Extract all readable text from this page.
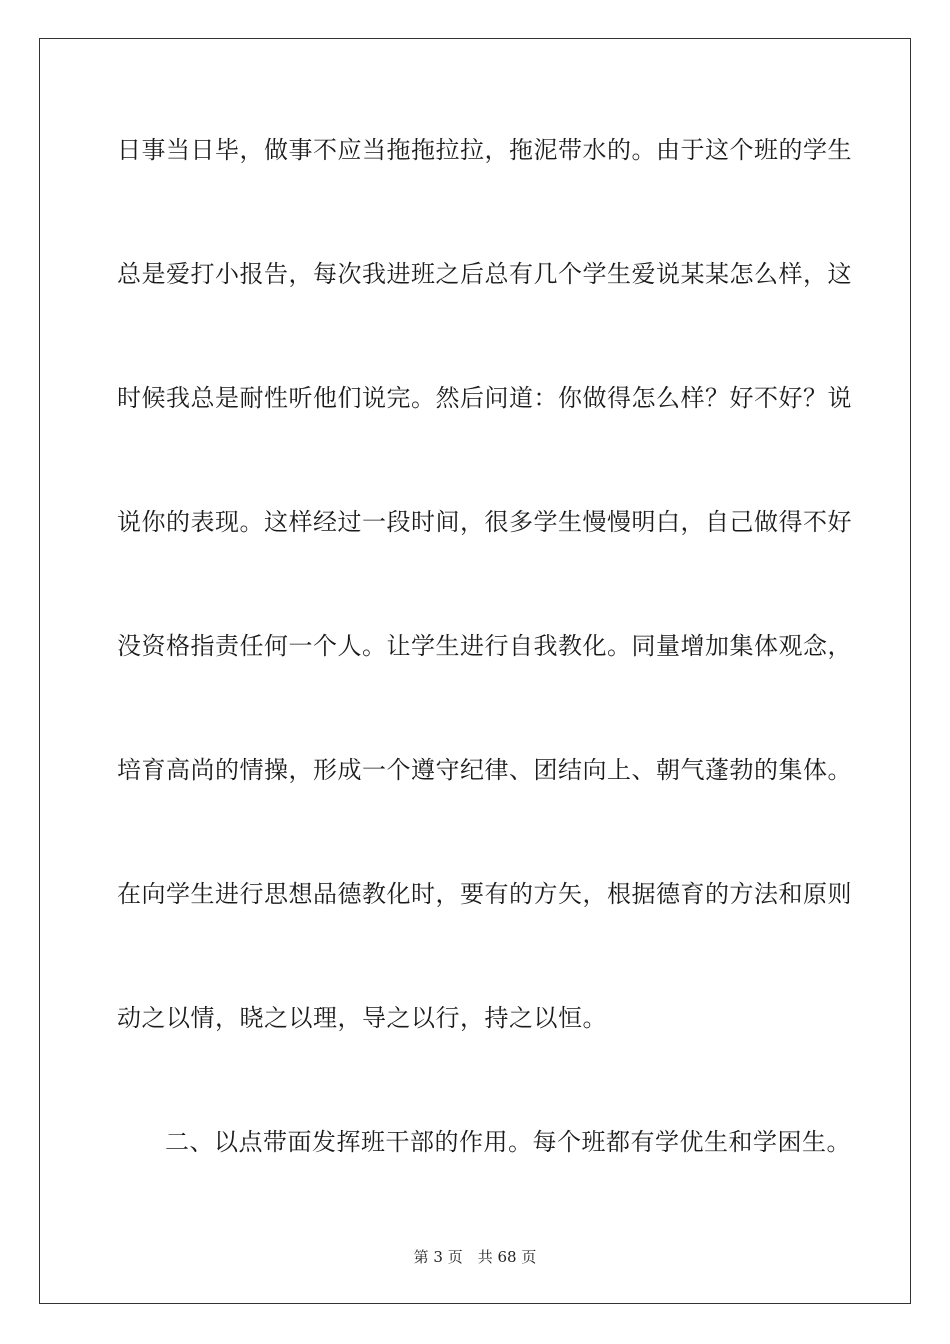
日事当日毕，做事不应当拖拖拉拉，拖泥带水的。由于这个班的学生
总是爱打小报告，每次我进班之后总有几个学生爱说某某怎么样，这
时候我总是耐性听他们说完。然后问道：你做得怎么样？好不好？说
说你的表现。这样经过一段时间，很多学生慢慢明白，自己做得不好
没资格指责任何一个人。让学生进行自我教化。同量增加集体观念，
培育高尚的情操，形成一个遵守纪律、团结向上、朝气蓬勃的集体。
在向学生进行思想品德教化时，要有的方矢，根据德育的方法和原则
动之以情，晓之以理，导之以行，持之以恒。
二、以点带面发挥班干部的作用。每个班都有学优生和学困生。
第 3 页　共 68 页
